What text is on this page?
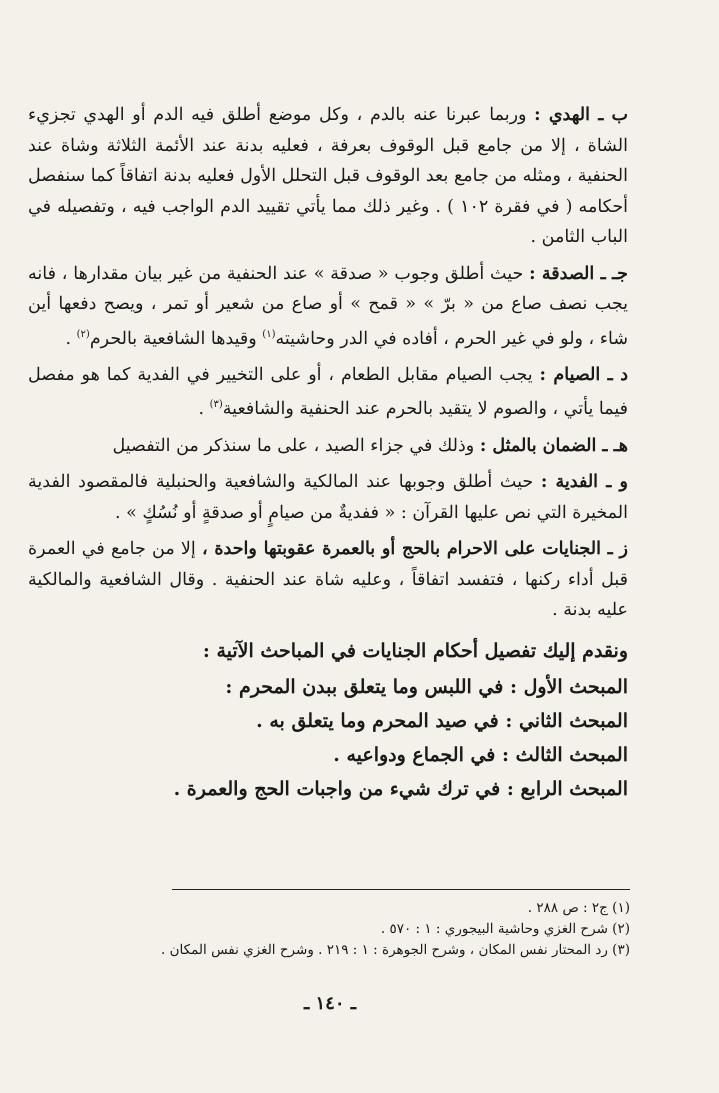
ب ـ الهدي : وربما عبرنا عنه بالدم ، وكل موضع أطلق فيه الدم أو الهدي تجزيء الشاة ، إلا من جامع قبل الوقوف بعرفة ، فعليه بدنة عند الأئمة الثلاثة وشاة عند الحنفية ، ومثله من جامع بعد الوقوف قبل التحلل الأول فعليه بدنة اتفاقاً كما سنفصل أحكامه ( في فقرة ١٠٢ ) . وغير ذلك مما يأتي تقييد الدم الواجب فيه ، وتفصيله في الباب الثامن .

جـ ـ الصدقة : حيث أطلق وجوب « صدقة » عند الحنفية من غير بيان مقدارها ، فانه يجب نصف صاع من « برّ » « قمح » أو صاع من شعير أو تمر ، ويصح دفعها أين شاء ، ولو في غير الحرم ، أفاده في الدر وحاشيته$^{(١)}$ وقيدها الشافعية بالحرم$^{(٢)}$ .

د ـ الصيام : يجب الصيام مقابل الطعام ، أو على التخيير في الفدية كما هو مفصل فيما يأتي ، والصوم لا يتقيد بالحرم عند الحنفية والشافعية$^{(٣)}$ .

هـ ـ الضمان بالمثل : وذلك في جزاء الصيد ، على ما سنذكر من التفصيل

و ـ الفدية : حيث أطلق وجوبها عند المالكية والشافعية والحنبلية فالمقصود الفدية المخيرة التي نص عليها القرآن : « ففديةٌ من صيامٍ أو صدقةٍ أو نُسُكٍ » .

ز ـ الجنايات على الاحرام بالحج أو بالعمرة عقوبتها واحدة ، إلا من جامع في العمرة قبل أداء ركنها ، فتفسد اتفاقاً ، وعليه شاة عند الحنفية . وقال الشافعية والمالكية عليه بدنة .

ونقدم إليك تفصيل أحكام الجنايات في المباحث الآتية :

المبحث الأول : في اللبس وما يتعلق ببدن المحرم :

المبحث الثاني : في صيد المحرم وما يتعلق به .

المبحث الثالث : في الجماع ودواعيه .

المبحث الرابع : في ترك شيء من واجبات الحج والعمرة .

(١) ج٢ : ص ٢٨٨ .

(٢) شرح الغزي وحاشية البيجوري : ١ : ٥٧٠ .

(٣) رد المحتار نفس المكان ، وشرح الجوهرة : ١ : ٢١٩ . وشرح الغزي نفس المكان .

ـ ١٤٠ ـ
